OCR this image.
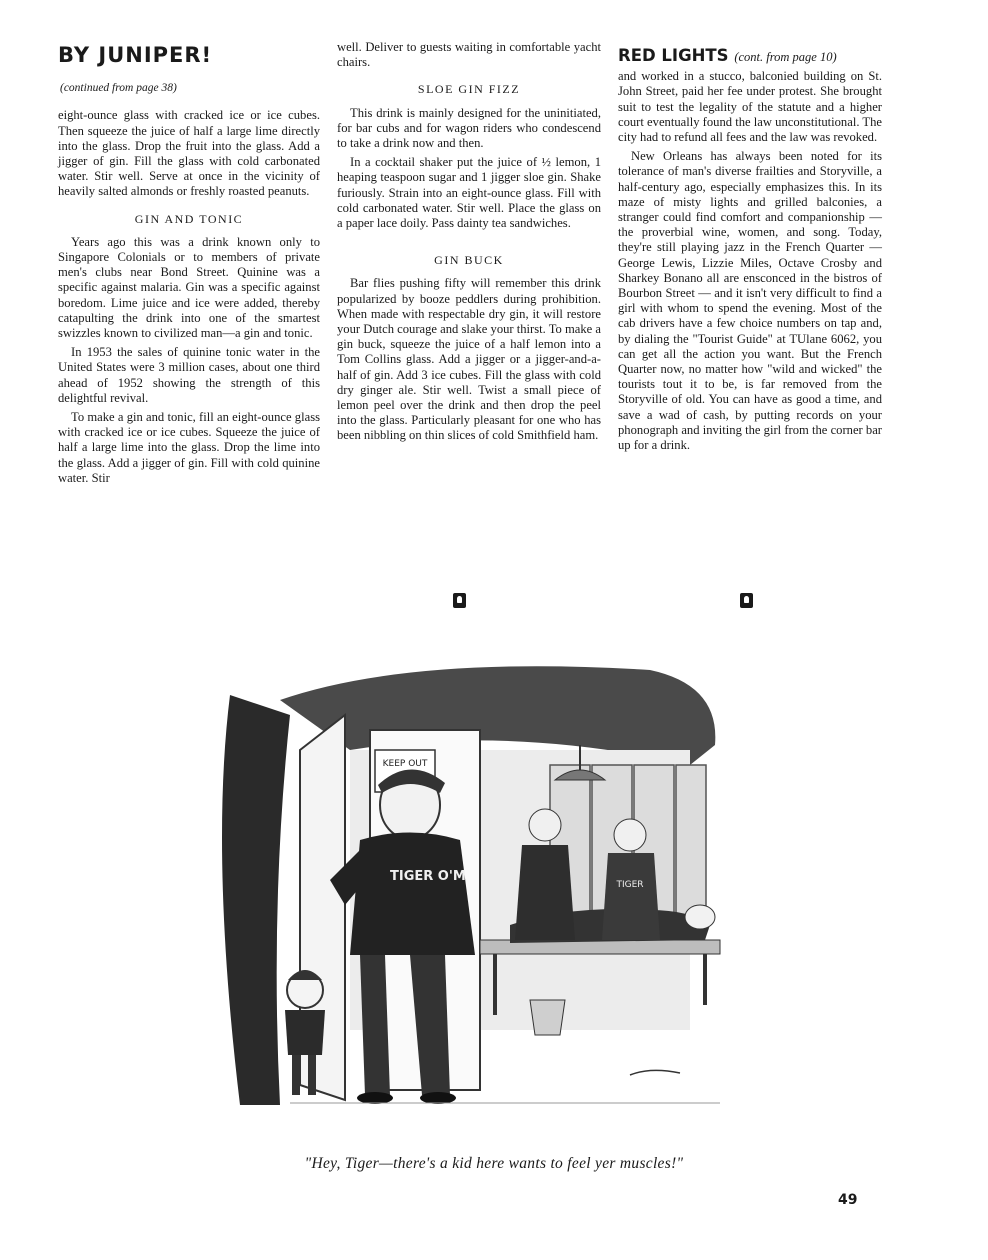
BY JUNIPER!
(continued from page 38)

eight-ounce glass with cracked ice or ice cubes. Then squeeze the juice of half a large lime directly into the glass. Drop the fruit into the glass. Add a jigger of gin. Fill the glass with cold carbonated water. Stir well. Serve at once in the vicinity of heavily salted almonds or freshly roasted peanuts.

GIN AND TONIC

Years ago this was a drink known only to Singapore Colonials or to members of private men's clubs near Bond Street. Quinine was a specific against malaria. Gin was a specific against boredom. Lime juice and ice were added, thereby catapulting the drink into one of the smartest swizzles known to civilized man—a gin and tonic.

In 1953 the sales of quinine tonic water in the United States were 3 million cases, about one third ahead of 1952 showing the strength of this delightful revival.

To make a gin and tonic, fill an eight-ounce glass with cracked ice or ice cubes. Squeeze the juice of half a large lime into the glass. Drop the lime into the glass. Add a jigger of gin. Fill with cold quinine water. Stir

well. Deliver to guests waiting in comfortable yacht chairs.

SLOE GIN FIZZ

This drink is mainly designed for the uninitiated, for bar cubs and for wagon riders who condescend to take a drink now and then.

In a cocktail shaker put the juice of ½ lemon, 1 heaping teaspoon sugar and 1 jigger sloe gin. Shake furiously. Strain into an eight-ounce glass. Fill with cold carbonated water. Stir well. Place the glass on a paper lace doily. Pass dainty tea sandwiches.

GIN BUCK

Bar flies pushing fifty will remember this drink popularized by booze peddlers during prohibition. When made with respectable dry gin, it will restore your Dutch courage and slake your thirst. To make a gin buck, squeeze the juice of a half lemon into a Tom Collins glass. Add a jigger or a jigger-and-a-half of gin. Add 3 ice cubes. Fill the glass with cold dry ginger ale. Stir well. Twist a small piece of lemon peel over the drink and then drop the peel into the glass. Particularly pleasant for one who has been nibbling on thin slices of cold Smithfield ham.

RED LIGHTS (cont. from page 10)

and worked in a stucco, balconied building on St. John Street, paid her fee under protest. She brought suit to test the legality of the statute and a higher court eventually found the law unconstitutional. The city had to refund all fees and the law was revoked.

New Orleans has always been noted for its tolerance of man's diverse frailties and Storyville, a half-century ago, especially emphasizes this. In its maze of misty lights and grilled balconies, a stranger could find comfort and companionship — the proverbial wine, women, and song. Today, they're still playing jazz in the French Quarter — George Lewis, Lizzie Miles, Octave Crosby and Sharkey Bonano all are ensconced in the bistros of Bourbon Street — and it isn't very difficult to find a girl with whom to spend the evening. Most of the cab drivers have a few choice numbers on tap and, by dialing the "Tourist Guide" at TUlane 6062, you can get all the action you want. But the French Quarter now, no matter how "wild and wicked" the tourists tout it to be, is far removed from the Storyville of old. You can have as good a time, and save a wad of cash, by putting records on your phonograph and inviting the girl from the corner bar up for a drink.

KEEP OUT
TIGER
TIGER O'M
"Hey, Tiger—there's a kid here wants to feel yer muscles!"
49
